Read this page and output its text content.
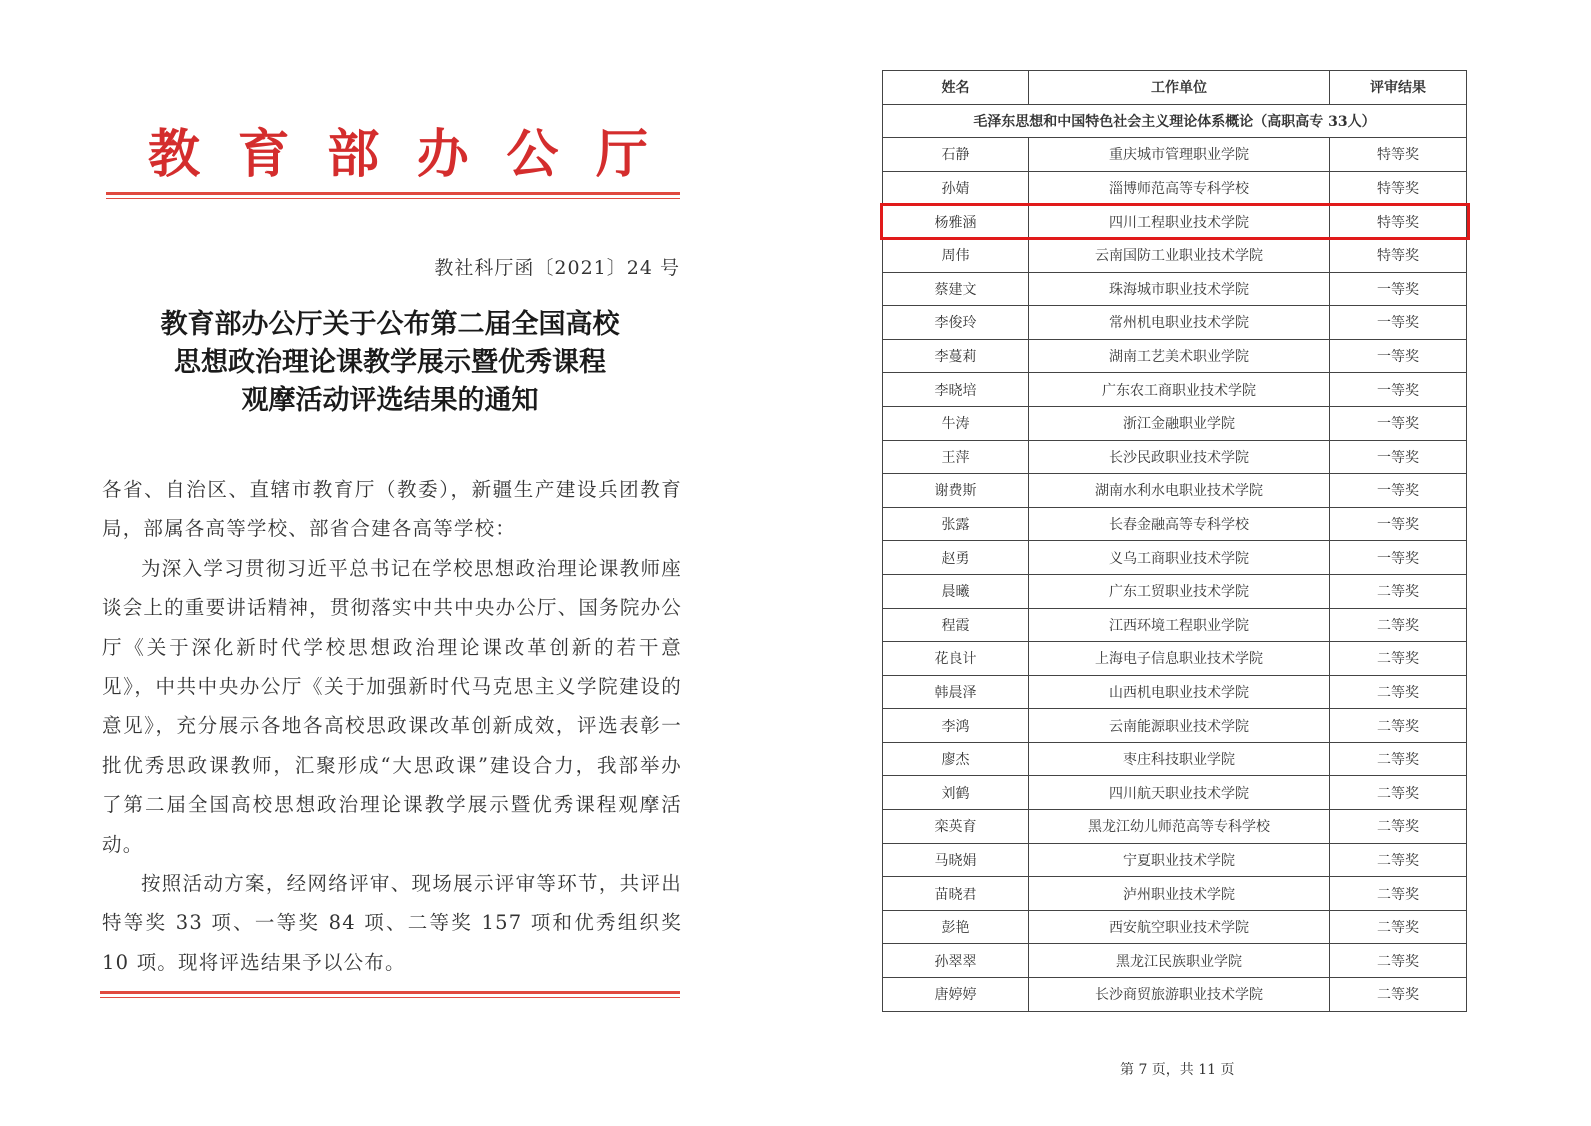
教 育 部 办 公 厅
教社科厅函〔2021〕24 号
教育部办公厅关于公布第二届全国高校
思想政治理论课教学展示暨优秀课程
观摩活动评选结果的通知

各省、自治区、直辖市教育厅（教委），新疆生产建设兵团教育局，部属各高等学校、部省合建各高等学校：

为深入学习贯彻习近平总书记在学校思想政治理论课教师座谈会上的重要讲话精神，贯彻落实中共中央办公厅、国务院办公厅《关于深化新时代学校思想政治理论课改革创新的若干意见》，中共中央办公厅《关于加强新时代马克思主义学院建设的意见》，充分展示各地各高校思政课改革创新成效，评选表彰一批优秀思政课教师，汇聚形成“大思政课”建设合力，我部举办了第二届全国高校思想政治理论课教学展示暨优秀课程观摩活动。

按照活动方案，经网络评审、现场展示评审等环节，共评出特等奖 33 项、一等奖 84 项、二等奖 157 项和优秀组织奖 10 项。现将评选结果予以公布。

姓名	工作单位	评审结果
毛泽东思想和中国特色社会主义理论体系概论（高职高专 33人）		
石静	重庆城市管理职业学院	特等奖
孙婧	淄博师范高等专科学校	特等奖
杨雅涵	四川工程职业技术学院	特等奖
周伟	云南国防工业职业技术学院	特等奖
蔡建文	珠海城市职业技术学院	一等奖
李俊玲	常州机电职业技术学院	一等奖
李蔓莉	湖南工艺美术职业学院	一等奖
李晓培	广东农工商职业技术学院	一等奖
牛涛	浙江金融职业学院	一等奖
王萍	长沙民政职业技术学院	一等奖
谢费斯	湖南水利水电职业技术学院	一等奖
张露	长春金融高等专科学校	一等奖
赵勇	义乌工商职业技术学院	一等奖
晨曦	广东工贸职业技术学院	二等奖
程霞	江西环境工程职业学院	二等奖
花良计	上海电子信息职业技术学院	二等奖
韩晨泽	山西机电职业技术学院	二等奖
李鸿	云南能源职业技术学院	二等奖
廖杰	枣庄科技职业学院	二等奖
刘鹤	四川航天职业技术学院	二等奖
栾英育	黑龙江幼儿师范高等专科学校	二等奖
马晓娟	宁夏职业技术学院	二等奖
苗晓君	泸州职业技术学院	二等奖
彭艳	西安航空职业技术学院	二等奖
孙翠翠	黑龙江民族职业学院	二等奖
唐婷婷	长沙商贸旅游职业技术学院	二等奖
第 7 页，共 11 页
